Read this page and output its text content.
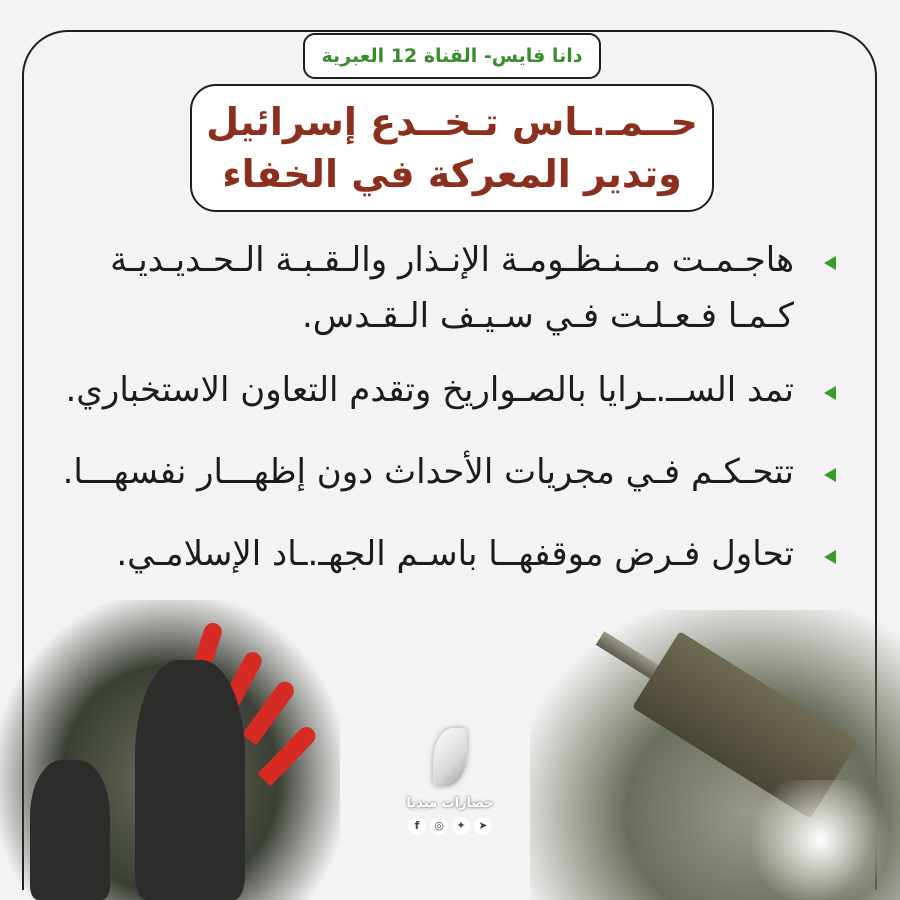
دانا فايس- القناة 12 العبرية
حــمـ.ـاس تـخــدع إسرائيل
وتدير المعركة في الخفاء
هاجـمـت مــنـظـومـة الإنـذار والـقـبـة الـحـديـديـة
كـمـا فـعـلـت فـي سـيـف الـقـدس.
تمد الســ.ـرايا بالصـواريخ وتقدم التعاون الاستخباري.
تتحـكـم فـي مجريات الأحداث دون إظهـــار نفسهـــا.
تحاول فـرض موقفهــا باسـم الجهـ.ـاد الإسلامـي.
حضارات ميديا
f	◎	✦	➤
